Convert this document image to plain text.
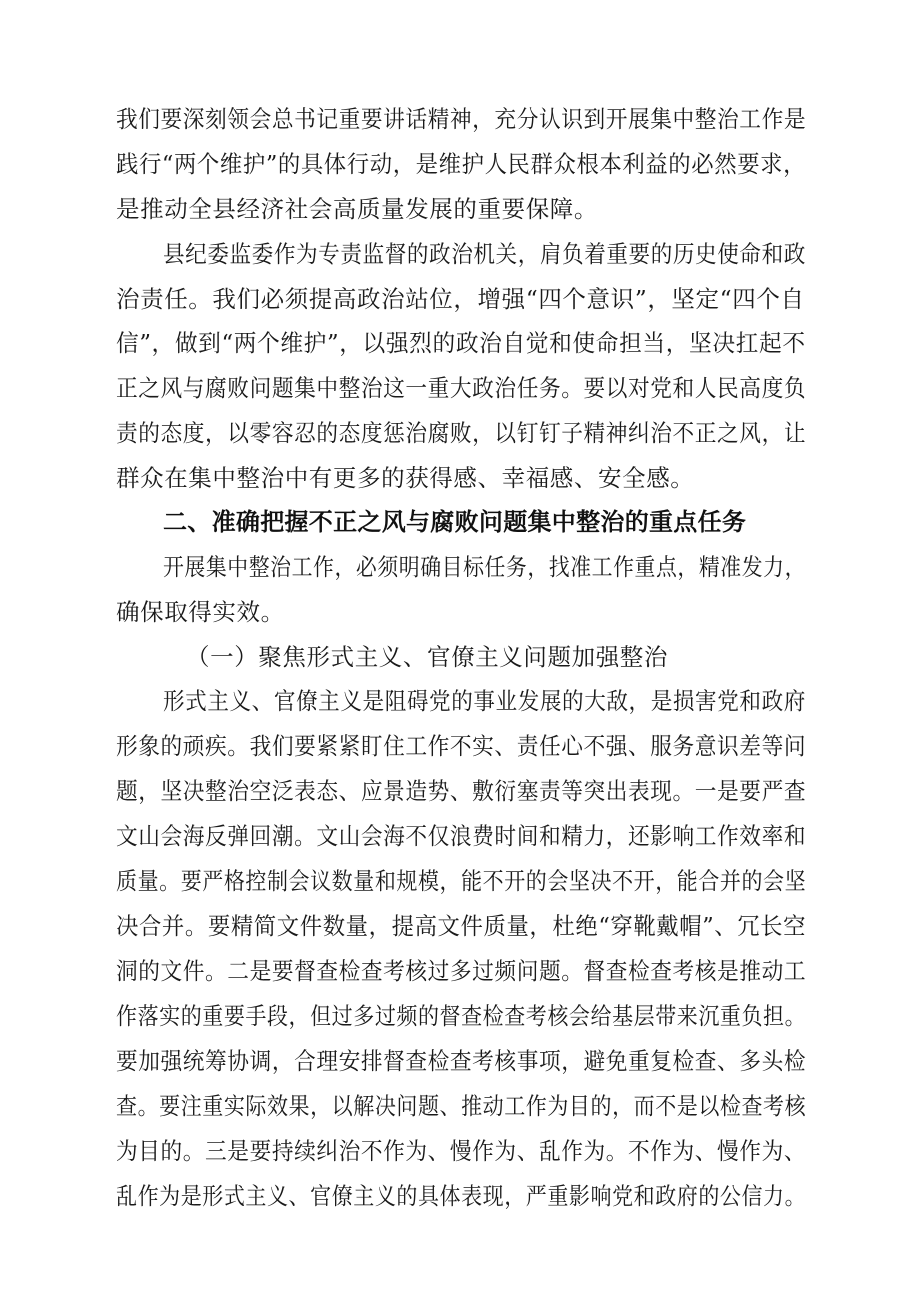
我们要深刻领会总书记重要讲话精神，充分认识到开展集中整治工作是
践行“两个维护”的具体行动，是维护人民群众根本利益的必然要求，
是推动全县经济社会高质量发展的重要保障。
县纪委监委作为专责监督的政治机关，肩负着重要的历史使命和政
治责任。我们必须提高政治站位，增强“四个意识”，坚定“四个自
信”，做到“两个维护”，以强烈的政治自觉和使命担当，坚决扛起不
正之风与腐败问题集中整治这一重大政治任务。要以对党和人民高度负
责的态度，以零容忍的态度惩治腐败，以钉钉子精神纠治不正之风，让
群众在集中整治中有更多的获得感、幸福感、安全感。
二、准确把握不正之风与腐败问题集中整治的重点任务
开展集中整治工作，必须明确目标任务，找准工作重点，精准发力，
确保取得实效。
（一）聚焦形式主义、官僚主义问题加强整治
形式主义、官僚主义是阻碍党的事业发展的大敌，是损害党和政府
形象的顽疾。我们要紧紧盯住工作不实、责任心不强、服务意识差等问
题，坚决整治空泛表态、应景造势、敷衍塞责等突出表现。一是要严查
文山会海反弹回潮。文山会海不仅浪费时间和精力，还影响工作效率和
质量。要严格控制会议数量和规模，能不开的会坚决不开，能合并的会坚
决合并。要精简文件数量，提高文件质量，杜绝“穿靴戴帽”、冗长空
洞的文件。二是要督查检查考核过多过频问题。督查检查考核是推动工
作落实的重要手段，但过多过频的督查检查考核会给基层带来沉重负担。
要加强统筹协调，合理安排督查检查考核事项，避免重复检查、多头检
查。要注重实际效果，以解决问题、推动工作为目的，而不是以检查考核
为目的。三是要持续纠治不作为、慢作为、乱作为。不作为、慢作为、
乱作为是形式主义、官僚主义的具体表现，严重影响党和政府的公信力。
